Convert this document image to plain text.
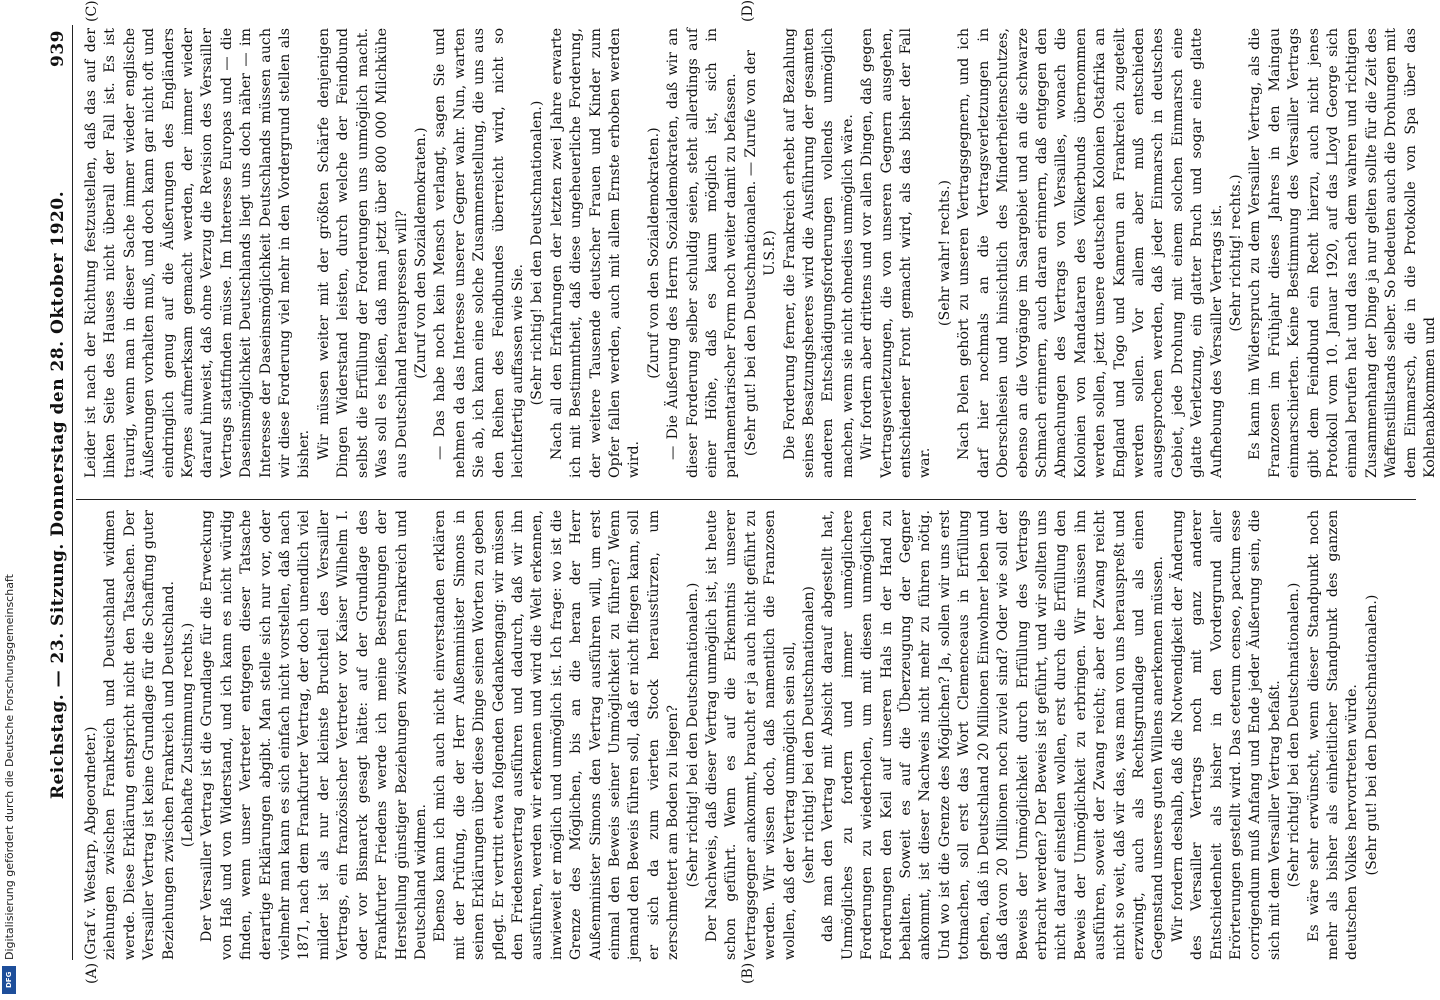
Reichstag. — 23. Sitzung. Donnerstag den 28. Oktober 1920.
939
(A)	(B)
(C)	(D)

(Graf v. Westarp, Abgeordneter.) ziehungen zwischen Frankreich und Deutschland widmen werde. Diese Erklärung entspricht nicht den Tatsachen. Der Versailler Vertrag ist keine Grundlage für die Schaffung guter Beziehungen zwischen Frankreich und Deutschland. (Lebhafte Zustimmung rechts.) Der Versailler Vertrag ist die Grundlage für die Erweckung von Haß und von Widerstand, und ich kann es nicht würdig finden, wenn unser Vertreter entgegen dieser Tatsache derartige Erklärungen abgibt. Man stelle sich nur vor, oder vielmehr man kann es sich einfach nicht vorstellen, daß nach 1871, nach dem Frankfurter Vertrag, der doch unendlich viel milder ist als nur der kleinste Bruchteil des Versailler Vertrags, ein französischer Vertreter vor Kaiser Wilhelm I. oder vor Bismarck gesagt hätte: auf der Grundlage des Frankfurter Friedens werde ich meine Bestrebungen der Herstellung günstiger Beziehungen zwischen Frankreich und Deutschland widmen. Ebenso kann ich mich auch nicht einverstanden erklären mit der Prüfung, die der Herr Außenminister Simons in seinen Erklärungen über diese Dinge seinen Worten zu geben pflegt. Er vertritt etwa folgenden Gedankengang: wir müssen den Friedensvertrag ausführen und dadurch, daß wir ihn ausführen, werden wir erkennen und wird die Welt erkennen, inwieweit er möglich und unmöglich ist. Ich frage: wo ist die Grenze des Möglichen, bis an die heran der Herr Außenminister Simons den Vertrag ausführen will, um erst einmal den Beweis seiner Unmöglichkeit zu führen? Wenn jemand den Beweis führen soll, daß er nicht fliegen kann, soll er sich da zum vierten Stock herausstürzen, um zerschmettert am Boden zu liegen? (Sehr richtig! bei den Deutschnationalen.) Der Nachweis, daß dieser Vertrag unmöglich ist, ist heute schon geführt. Wenn es auf die Erkenntnis unserer Vertragsgegner ankommt, braucht er ja auch nicht geführt zu werden. Wir wissen doch, daß namentlich die Franzosen wollen, daß der Vertrag unmöglich sein soll, (sehr richtig! bei den Deutschnationalen) daß man den Vertrag mit Absicht darauf abgestellt hat, Unmögliches zu fordern und immer unmöglichere Forderungen zu wiederholen, um mit diesen unmöglichen Forderungen den Keil auf unseren Hals in der Hand zu behalten. Soweit es auf die Überzeugung der Gegner ankommt, ist dieser Nachweis nicht mehr zu führen nötig. Und wo ist die Grenze des Möglichen? Ja, sollen wir uns erst totmachen, soll erst das Wort Clemenceaus in Erfüllung gehen, daß in Deutschland 20 Millionen Einwohner leben und daß davon 20 Millionen noch zuviel sind? Oder wie soll der Beweis der Unmöglichkeit durch Erfüllung des Vertrags erbracht werden? Der Beweis ist geführt, und wir sollten uns nicht darauf einstellen wollen, erst durch die Erfüllung den Beweis der Unmöglichkeit zu erbringen. Wir müssen ihn ausführen, soweit der Zwang reicht; aber der Zwang reicht nicht so weit, daß wir das, was man von uns herauspreßt und erzwingt, auch als Rechtsgrundlage und als einen Gegenstand unseres guten Willens anerkennen müssen. Wir fordern deshalb, daß die Notwendigkeit der Änderung des Versailler Vertrags noch mit ganz anderer Entschiedenheit als bisher in den Vordergrund aller Erörterungen gestellt wird. Das ceterum censeo, pactum esse corrigendum muß Anfang und Ende jeder Äußerung sein, die sich mit dem Versailler Vertrag befaßt. (Sehr richtig! bei den Deutschnationalen.) Es wäre sehr erwünscht, wenn dieser Standpunkt noch mehr als bisher als einheitlicher Standpunkt des ganzen deutschen Volkes hervortreten würde. (Sehr gut! bei den Deutschnationalen.)

Leider ist nach der Richtung festzustellen, daß das auf der linken Seite des Hauses nicht überall der Fall ist. Es ist traurig, wenn man in dieser Sache immer wieder englische Äußerungen vorhalten muß, und doch kann gar nicht oft und eindringlich genug auf die Äußerungen des Engländers Keynes aufmerksam gemacht werden, der immer wieder darauf hinweist, daß ohne Verzug die Revision des Versailler Vertrags stattfinden müsse. Im Interesse Europas und — die Daseinsmöglichkeit Deutschlands liegt uns doch näher — im Interesse der Daseinsmöglichkeit Deutschlands müssen auch wir diese Forderung viel mehr in den Vordergrund stellen als bisher. Wir müssen weiter mit der größten Schärfe denjenigen Dingen Widerstand leisten, durch welche der Feindbund selbst die Erfüllung der Forderungen uns unmöglich macht. Was soll es heißen, daß man jetzt über 800 000 Milchkühe aus Deutschland herauspressen will? (Zuruf von den Sozialdemokraten.) — Das habe noch kein Mensch verlangt, sagen Sie und nehmen da das Interesse unserer Gegner wahr. Nun, warten Sie ab, ich kann eine solche Zusammenstellung, die uns aus den Reihen des Feindbundes überreicht wird, nicht so leichtfertig auffassen wie Sie. (Sehr richtig! bei den Deutschnationalen.) Nach all den Erfahrungen der letzten zwei Jahre erwarte ich mit Bestimmtheit, daß diese ungeheuerliche Forderung, der weitere Tausende deutscher Frauen und Kinder zum Opfer fallen werden, auch mit allem Ernste erhoben werden wird.

(Zuruf von den Sozialdemokraten.) — Die Äußerung des Herrn Sozialdemokraten, daß wir an dieser Forderung selber schuldig seien, steht allerdings auf einer Höhe, daß es kaum möglich ist, sich in parlamentarischer Form noch weiter damit zu befassen. (Sehr gut! bei den Deutschnationalen. — Zurufe von der U.S.P.) Die Forderung ferner, die Frankreich erhebt auf Bezahlung seines Besatzungsheeres wird die Ausführung der gesamten anderen Entschädigungsforderungen vollends unmöglich machen, wenn sie nicht ohnedies unmöglich wäre. Wir fordern aber drittens und vor allen Dingen, daß gegen Vertragsverletzungen, die von unseren Gegnern ausgehen, entschiedener Front gemacht wird, als das bisher der Fall war.

(Sehr wahr! rechts.) Nach Polen gehört zu unseren Vertragsgegnern, und ich darf hier nochmals an die Vertragsverletzungen in Oberschlesien und hinsichtlich des Minderheitenschutzes, ebenso an die Vorgänge im Saargebiet und an die schwarze Schmach erinnern, auch daran erinnern, daß entgegen den Abmachungen des Vertrags von Versailles, wonach die Kolonien von Mandataren des Völkerbunds übernommen werden sollen, jetzt unsere deutschen Kolonien Ostafrika an England und Togo und Kamerun an Frankreich zugeteilt werden sollen. Vor allem aber muß entschieden ausgesprochen werden, daß jeder Einmarsch in deutsches Gebiet, jede Drohung mit einem solchen Einmarsch eine glatte Verletzung, ein glatter Bruch und sogar eine glatte Aufhebung des Versailler Vertrags ist. (Sehr richtig! rechts.) Es kann im Widerspruch zu dem Versailler Vertrag, als die Franzosen im Frühjahr dieses Jahres in den Maingau einmarschierten. Keine Bestimmung des Versailler Vertrags gibt dem Feindbund ein Recht hierzu, auch nicht jenes Protokoll vom 10. Januar 1920, auf das Lloyd George sich einmal berufen hat und das nach dem wahren und richtigen Zusammenhang der Dinge ja nur gelten sollte für die Zeit des Waffenstillstands selber. So bedeuten auch die Drohungen mit dem Einmarsch, die in die Protokolle von Spa über das Kohlenabkommen und

Digitalisierung gefördert durch die Deutsche Forschungsgemeinschaft
DFG
